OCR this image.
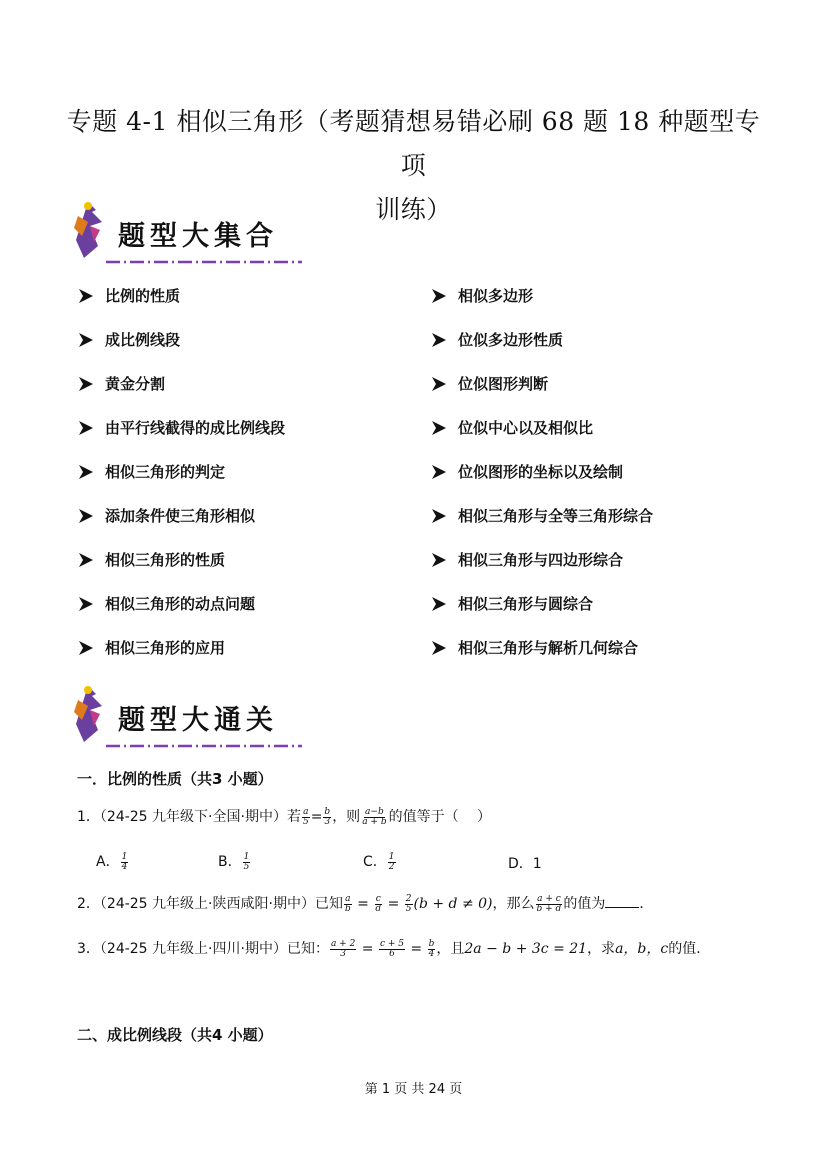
专题 4-1 相似三角形（考题猜想易错必刷 68 题 18 种题型专项
训练）
题型大集合
比例的性质
成比例线段
黄金分割
由平行线截得的成比例线段
相似三角形的判定
添加条件使三角形相似
相似三角形的性质
相似三角形的动点问题
相似三角形的应用
相似多边形
位似多边形性质
位似图形判断
位似中心以及相似比
位似图形的坐标以及绘制
相似三角形与全等三角形综合
相似三角形与四边形综合
相似三角形与圆综合
相似三角形与解析几何综合
题型大通关
一．比例的性质（共3 小题）
1．（24-25 九年级下·全国·期中）若 $\frac{a}{5} = \frac{b}{3}$ ，则 $\frac{a-b}{a + b}$ 的值等于（　 ）
A． $\frac{1}{4}$	B． $\frac{1}{5}$	C． $\frac{1}{2}$	D．1
2．（24-25 九年级上·陕西咸阳·期中）已知 $\frac{a}{b} = \frac{c}{d} = \frac{2}{5} (b + d \ne 0)$，那么 $\frac{a + c}{b + d}$ 的值为 ．
3．（24-25 九年级上·四川·期中）已知： $\frac{a + 2}{3} = \frac{c + 5}{6} = \frac{b}{4}$ ，且2a − b + 3c = 21，求a，b，c的值．
二、成比例线段（共4 小题）
第 1 页 共 24 页
